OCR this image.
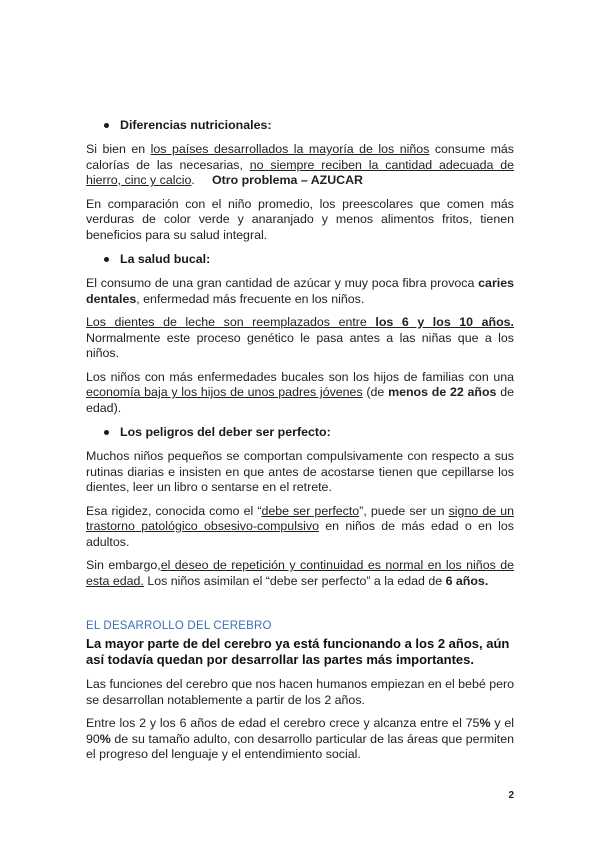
Diferencias nutricionales:

Si bien en los países desarrollados la mayoría de los niños consume más calorías de las necesarias, no siempre reciben la cantidad adecuada de hierro, cinc y calcio.     Otro problema – AZUCAR

En comparación con el niño promedio, los preescolares que comen más verduras de color verde y anaranjado y menos alimentos fritos, tienen beneficios para su salud integral.

La salud bucal:

El consumo de una gran cantidad de azúcar y muy poca fibra provoca caries dentales, enfermedad más frecuente en los niños.

Los dientes de leche son reemplazados entre los 6 y los 10 años. Normalmente este proceso genético le pasa antes a las niñas que a los niños.

Los niños con más enfermedades bucales son los hijos de familias con una economía baja y los hijos de unos padres jóvenes (de menos de 22 años de edad).

Los peligros del deber ser perfecto:

Muchos niños pequeños se comportan compulsivamente con respecto a sus rutinas diarias e insisten en que antes de acostarse tienen que cepillarse los dientes, leer un libro o sentarse en el retrete.

Esa rigidez, conocida como el “debe ser perfecto”, puede ser un signo de un trastorno patológico obsesivo-compulsivo en niños de más edad o en los adultos.

Sin embargo,el deseo de repetición y continuidad es normal en los niños de esta edad. Los niños asimilan el “debe ser perfecto” a la edad de 6 años.

EL DESARROLLO DEL CEREBRO

La mayor parte de del cerebro ya está funcionando a los 2 años, aún así todavía quedan por desarrollar las partes más importantes.

Las funciones del cerebro que nos hacen humanos empiezan en el bebé pero se desarrollan notablemente a partir de los 2 años.

Entre los 2 y los 6 años de edad el cerebro crece y alcanza entre el 75% y el 90% de su tamaño adulto, con desarrollo particular de las áreas que permiten el progreso del lenguaje y el entendimiento social.

2
